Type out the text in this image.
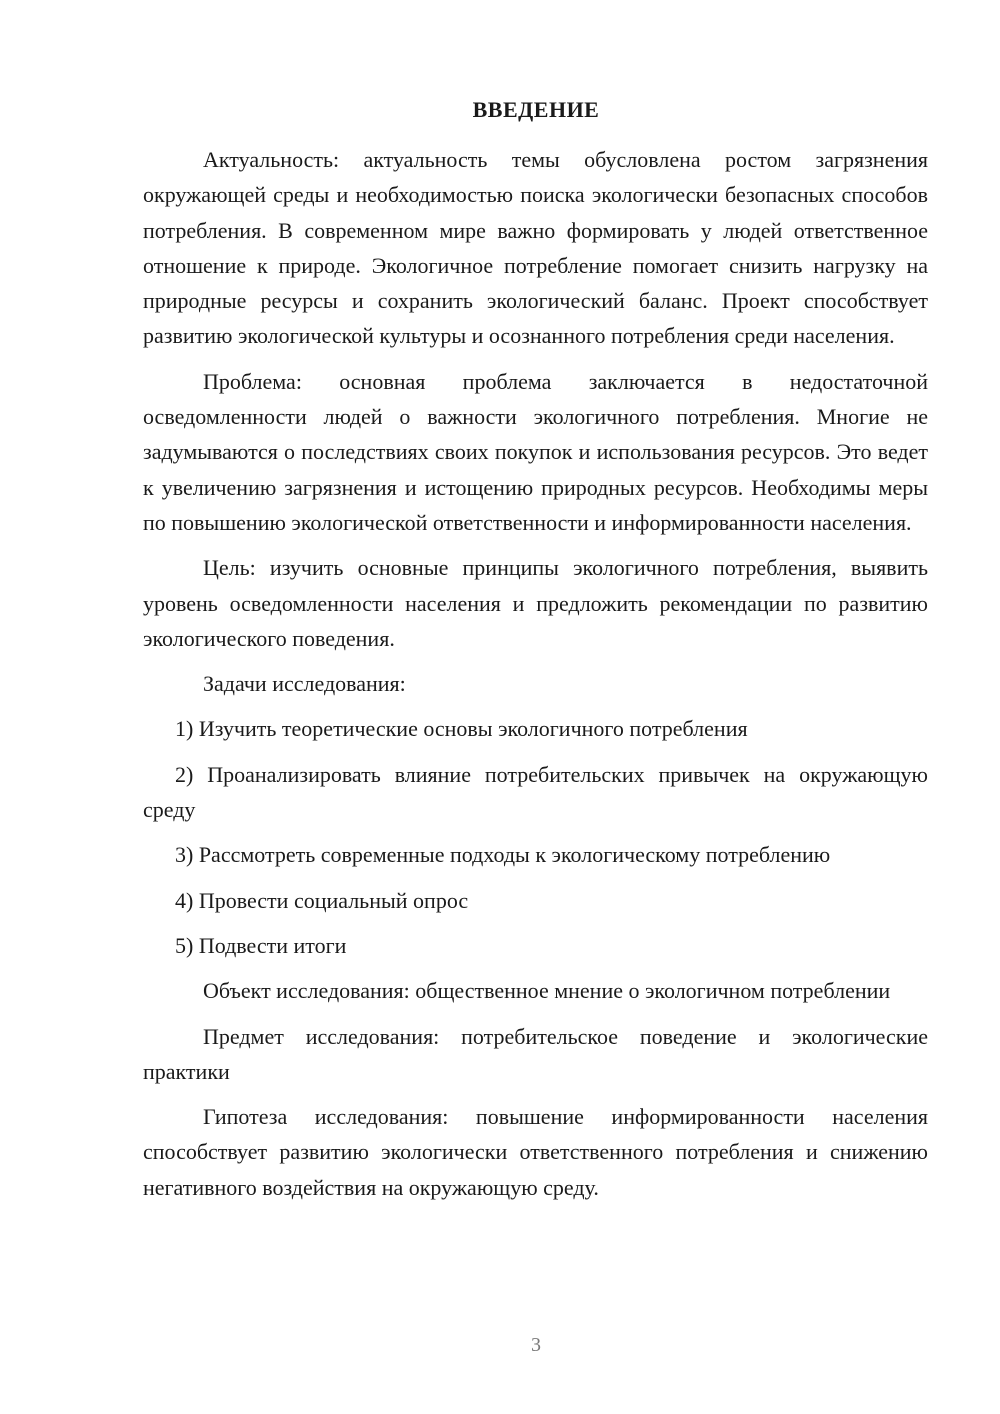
ВВЕДЕНИЕ

Актуальность: актуальность темы обусловлена ростом загрязнения окружающей среды и необходимостью поиска экологически безопасных способов потребления. В современном мире важно формировать у людей ответственное отношение к природе. Экологичное потребление помогает снизить нагрузку на природные ресурсы и сохранить экологический баланс. Проект способствует развитию экологической культуры и осознанного потребления среди населения.

Проблема: основная проблема заключается в недостаточной осведомленности людей о важности экологичного потребления. Многие не задумываются о последствиях своих покупок и использования ресурсов. Это ведет к увеличению загрязнения и истощению природных ресурсов. Необходимы меры по повышению экологической ответственности и информированности населения.

Цель: изучить основные принципы экологичного потребления, выявить уровень осведомленности населения и предложить рекомендации по развитию экологического поведения.

Задачи исследования:

1) Изучить теоретические основы экологичного потребления

2) Проанализировать влияние потребительских привычек на окружающую среду

3) Рассмотреть современные подходы к экологическому потреблению

4) Провести социальный опрос

5) Подвести итоги

Объект исследования: общественное мнение о экологичном потреблении

Предмет исследования: потребительское поведение и экологические практики

Гипотеза исследования: повышение информированности населения способствует развитию экологически ответственного потребления и снижению негативного воздействия на окружающую среду.

3
